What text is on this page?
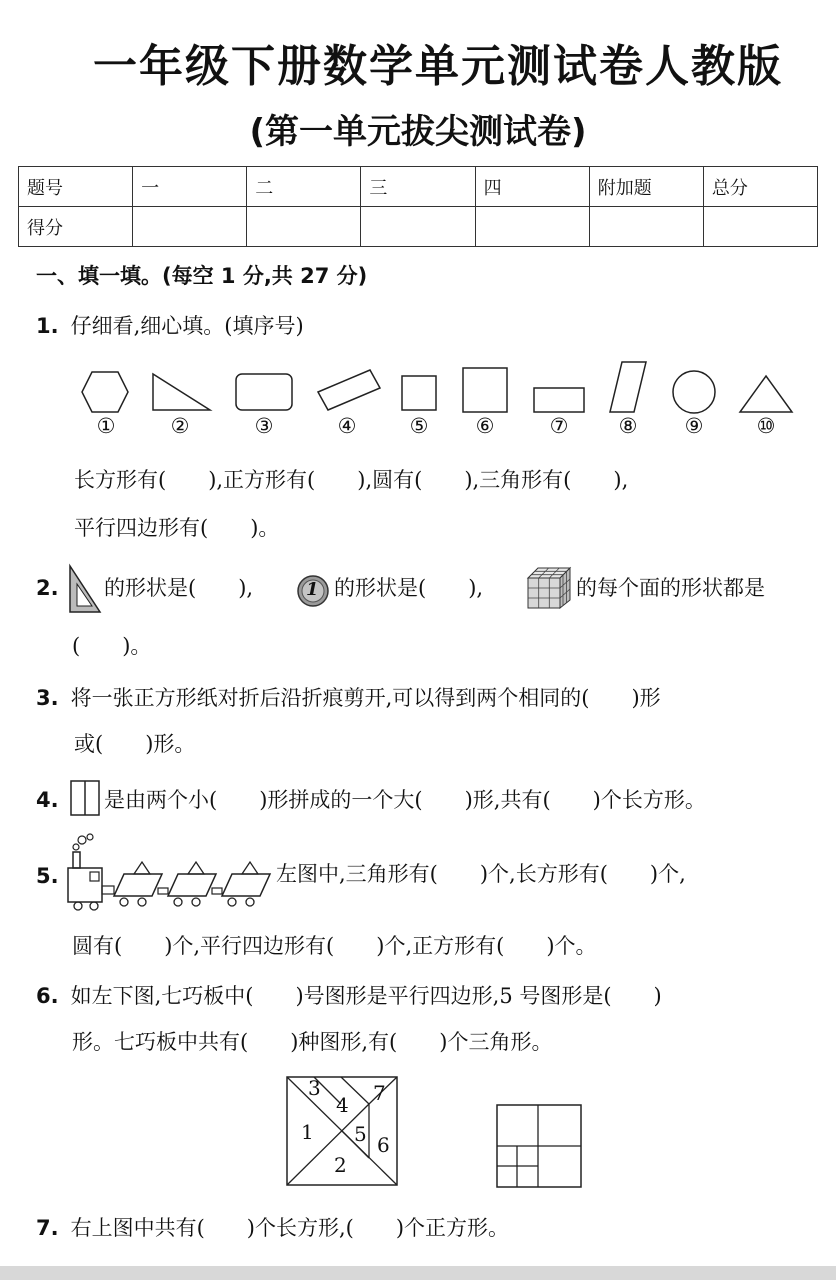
一年级下册数学单元测试卷人教版
(第一单元拔尖测试卷)
题号	一	二	三	四	附加题	总分
得分						
一、填一填。(每空 1 分,共 27 分)
1. 仔细看,细心填。(填序号)
①	②	③	④	⑤	⑥	⑦	⑧	⑨	⑩
长方形有(　　),正方形有(　　),圆有(　　),三角形有(　　),
平行四边形有(　　)。
2.	的形状是(　　),	1 的形状是(　　),	的每个面的形状都是
(　　)。
3. 将一张正方形纸对折后沿折痕剪开,可以得到两个相同的(　　)形
或(　　)形。
4.	是由两个小(　　)形拼成的一个大(　　)形,共有(　　)个长方形。
5.	左图中,三角形有(　　)个,长方形有(　　)个,
圆有(　　)个,平行四边形有(　　)个,正方形有(　　)个。
6. 如左下图,七巧板中(　　)号图形是平行四边形,5 号图形是(　　)
形。七巧板中共有(　　)种图形,有(　　)个三角形。
3
4 7
1 5 6
2
7. 右上图中共有(　　)个长方形,(　　)个正方形。
